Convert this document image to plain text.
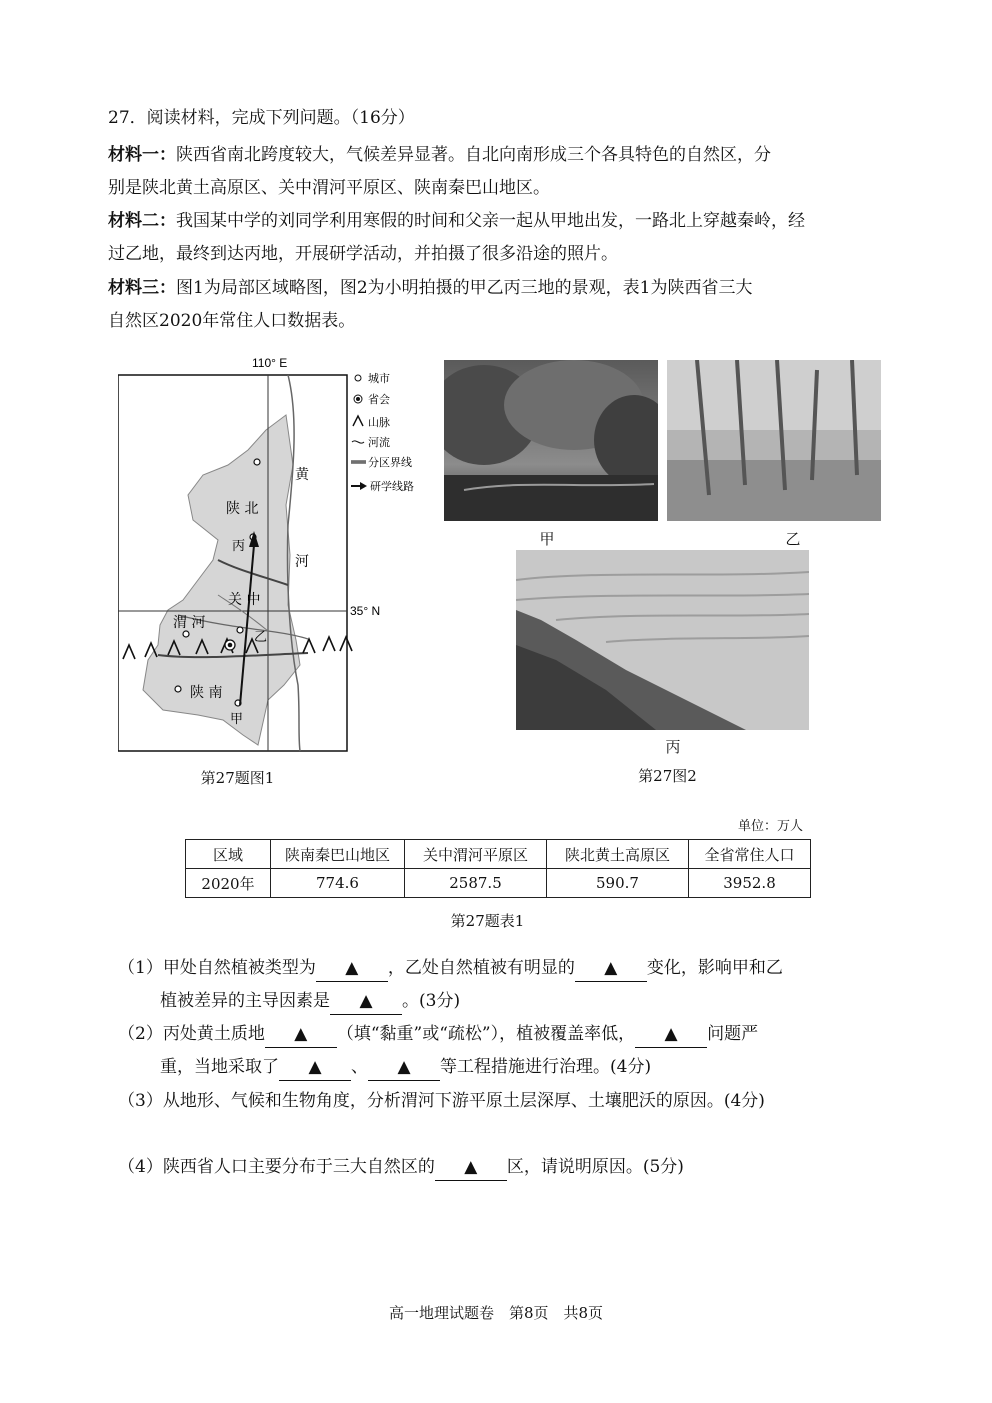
27．阅读材料，完成下列问题。（16分）
材料一：陕西省南北跨度较大，气候差异显著。自北向南形成三个各具特色的自然区，分
别是陕北黄土高原区、关中渭河平原区、陕南秦巴山地区。
材料二：我国某中学的刘同学利用寒假的时间和父亲一起从甲地出发，一路北上穿越秦岭，经
过乙地，最终到达丙地，开展研学活动，并拍摄了很多沿途的照片。
材料三：图1为局部区域略图，图2为小明拍摄的甲乙丙三地的景观，表1为陕西省三大
自然区2020年常住人口数据表。
110° E
陕 北
关 中
陕 南
渭 河
黄
河
甲
乙
丙
35° N
城市
省会
山脉
河流
分区界线
研学线路
第27题图1
甲	乙
丙
第27图2
单位：万人
区域	陕南秦巴山地区	关中渭河平原区	陕北黄土高原区	全省常住人口
2020年	774.6	2587.5	590.7	3952.8
第27题表1
（1）甲处自然植被类型为 ▲ ，乙处自然植被有明显的 ▲ 变化，影响甲和乙
植被差异的主导因素是 ▲ 。(3分)
（2）丙处黄土质地 ▲ （填“黏重”或“疏松”），植被覆盖率低， ▲ 问题严
重，当地采取了 ▲ 、 ▲ 等工程措施进行治理。(4分)
（3）从地形、气候和生物角度，分析渭河下游平原土层深厚、土壤肥沃的原因。(4分)
（4）陕西省人口主要分布于三大自然区的 ▲ 区，请说明原因。(5分)
高一地理试题卷　第8页　共8页
